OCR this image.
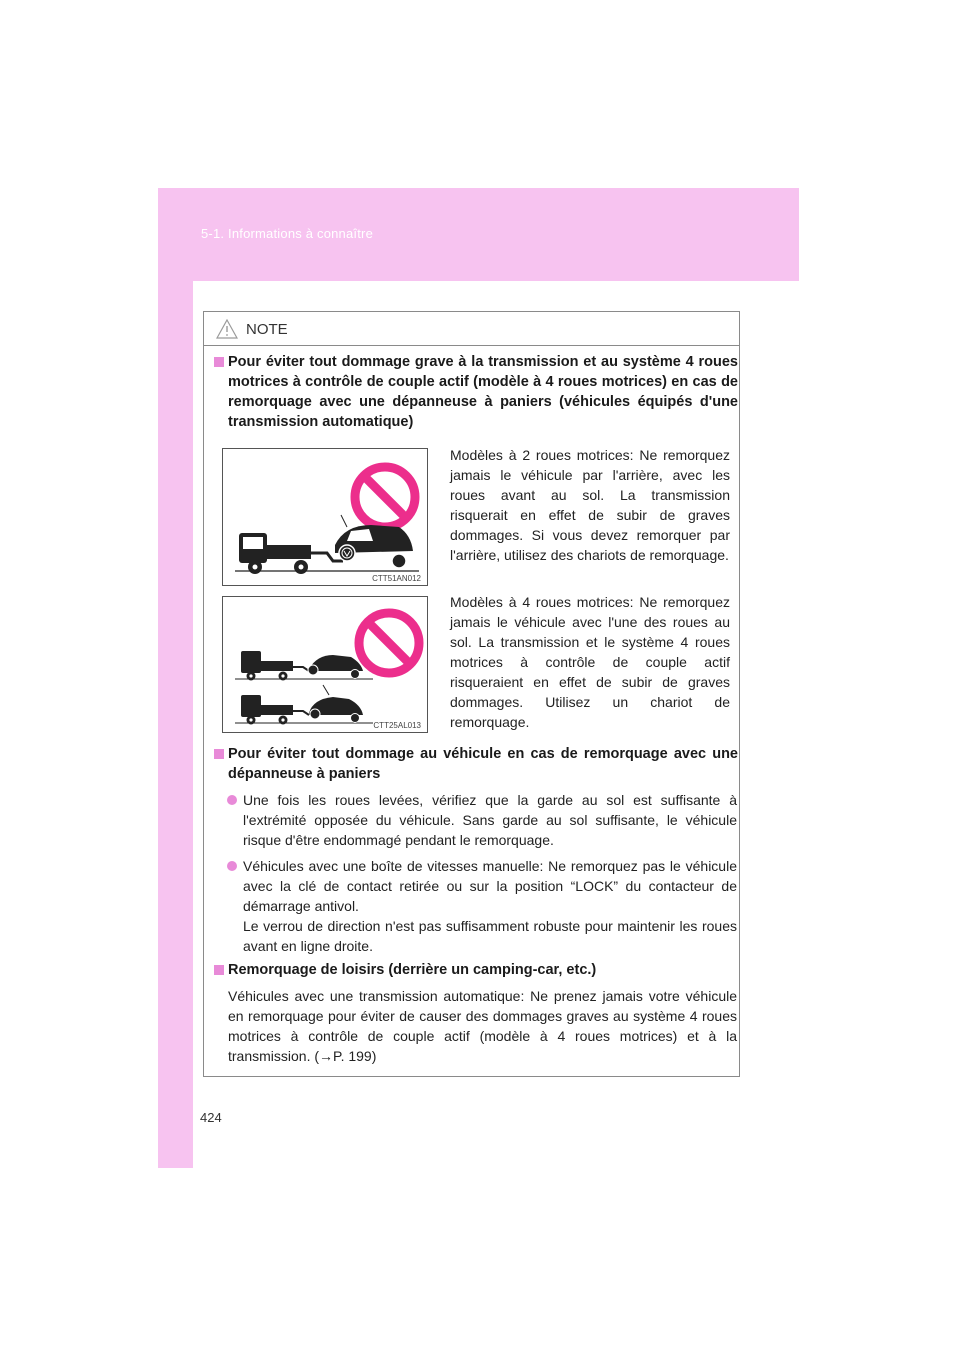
5-1. Informations à connaître
NOTE
Pour éviter tout dommage grave à la transmission et au système 4 roues motrices à contrôle de couple actif (modèle à 4 roues motrices) en cas de remorquage avec une dépanneuse à paniers (véhicules équipés d'une transmission automatique)
CTT51AN012
Modèles à 2 roues motrices: Ne remorquez jamais le véhicule par l'arrière, avec les roues avant au sol. La transmission risquerait en effet de subir de graves dommages. Si vous devez remorquer par l'arrière, utilisez des chariots de remorquage.
CTT25AL013
Modèles à 4 roues motrices: Ne remorquez jamais le véhicule avec l'une des roues au sol. La transmission et le système 4 roues motrices à contrôle de couple actif risqueraient en effet de subir de graves dommages. Utilisez un chariot de remorquage.
Pour éviter tout dommage au véhicule en cas de remorquage avec une dépanneuse à paniers
Une fois les roues levées, vérifiez que la garde au sol est suffisante à l'extrémité opposée du véhicule. Sans garde au sol suffisante, le véhicule risque d'être endommagé pendant le remorquage.
Véhicules avec une boîte de vitesses manuelle: Ne remorquez pas le véhicule avec la clé de contact retirée ou sur la position “LOCK” du contacteur de démarrage antivol.
Le verrou de direction n'est pas suffisamment robuste pour maintenir les roues avant en ligne droite.
Remorquage de loisirs (derrière un camping-car, etc.)
Véhicules avec une transmission automatique: Ne prenez jamais votre véhicule en remorquage pour éviter de causer des dommages graves au système 4 roues motrices à contrôle de couple actif (modèle à 4 roues motrices) et à la transmission. (→P. 199)
424
